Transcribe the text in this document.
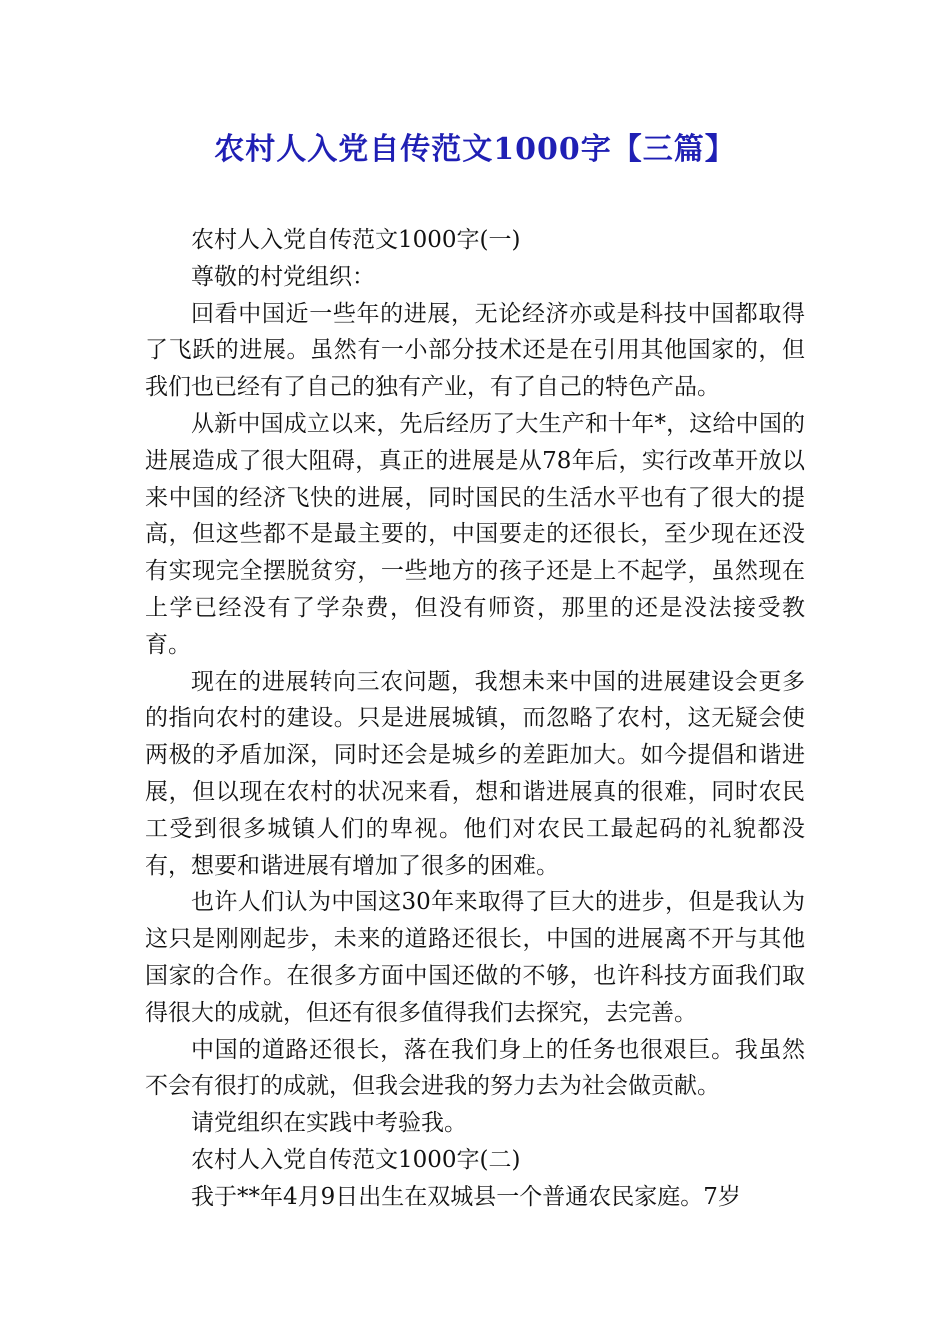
农村人入党自传范文1000字【三篇】

农村人入党自传范文1000字(一)

尊敬的村党组织：

回看中国近一些年的进展，无论经济亦或是科技中国都取得了飞跃的进展。虽然有一小部分技术还是在引用其他国家的，但我们也已经有了自己的独有产业，有了自己的特色产品。

从新中国成立以来，先后经历了大生产和十年*，这给中国的进展造成了很大阻碍，真正的进展是从78年后，实行改革开放以来中国的经济飞快的进展，同时国民的生活水平也有了很大的提高，但这些都不是最主要的，中国要走的还很长，至少现在还没有实现完全摆脱贫穷，一些地方的孩子还是上不起学，虽然现在上学已经没有了学杂费，但没有师资，那里的还是没法接受教育。

现在的进展转向三农问题，我想未来中国的进展建设会更多的指向农村的建设。只是进展城镇，而忽略了农村，这无疑会使两极的矛盾加深，同时还会是城乡的差距加大。如今提倡和谐进展，但以现在农村的状况来看，想和谐进展真的很难，同时农民工受到很多城镇人们的卑视。他们对农民工最起码的礼貌都没有，想要和谐进展有增加了很多的困难。

也许人们认为中国这30年来取得了巨大的进步，但是我认为这只是刚刚起步，未来的道路还很长，中国的进展离不开与其他国家的合作。在很多方面中国还做的不够，也许科技方面我们取得很大的成就，但还有很多值得我们去探究，去完善。

中国的道路还很长，落在我们身上的任务也很艰巨。我虽然不会有很打的成就，但我会进我的努力去为社会做贡献。

请党组织在实践中考验我。

农村人入党自传范文1000字(二)

我于**年4月9日出生在双城县一个普通农民家庭。7岁
